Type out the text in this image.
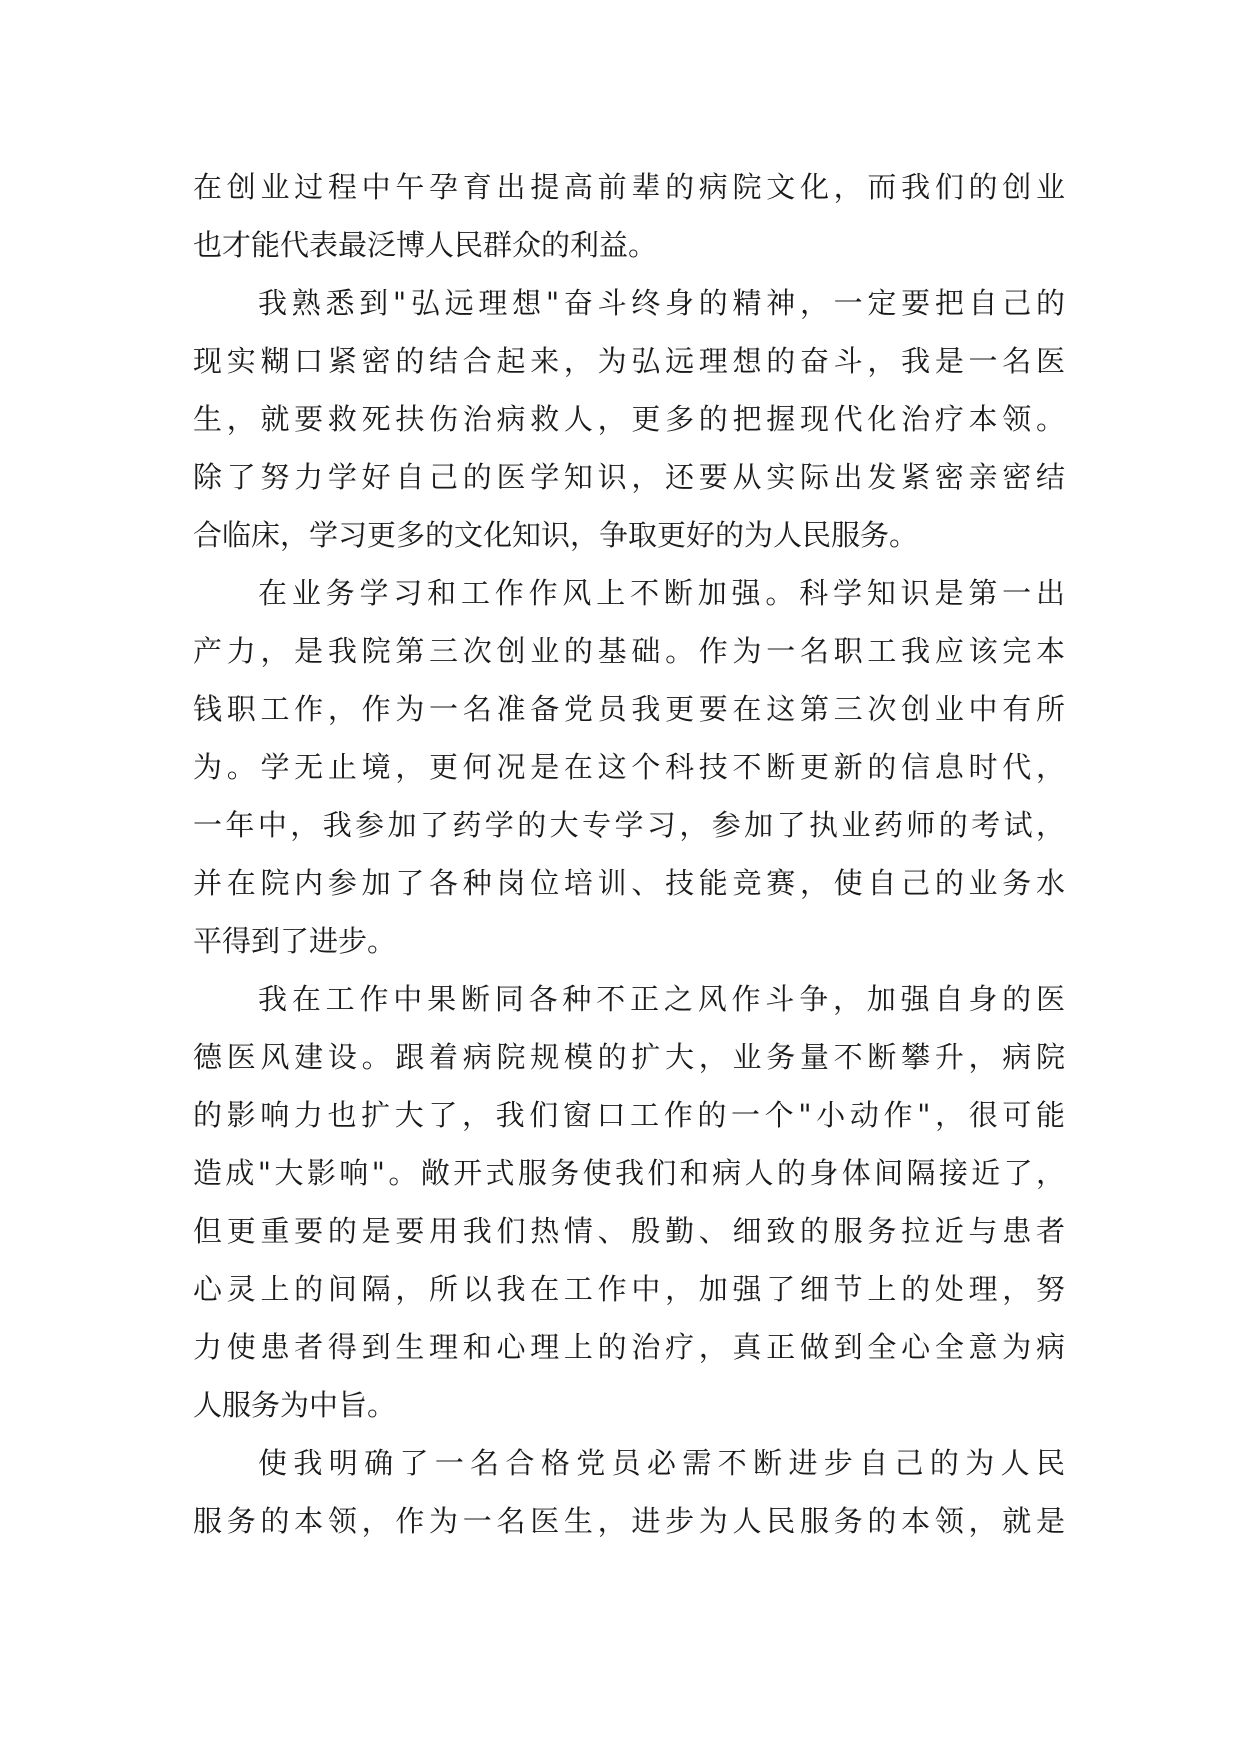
在创业过程中午孕育出提高前辈的病院文化，而我们的创业
也才能代表最泛博人民群众的利益。
我熟悉到"弘远理想"奋斗终身的精神，一定要把自己的
现实糊口紧密的结合起来，为弘远理想的奋斗，我是一名医
生，就要救死扶伤治病救人，更多的把握现代化治疗本领。
除了努力学好自己的医学知识，还要从实际出发紧密亲密结
合临床，学习更多的文化知识，争取更好的为人民服务。
在业务学习和工作作风上不断加强。科学知识是第一出
产力，是我院第三次创业的基础。作为一名职工我应该完本
钱职工作，作为一名准备党员我更要在这第三次创业中有所
为。学无止境，更何况是在这个科技不断更新的信息时代，
一年中，我参加了药学的大专学习，参加了执业药师的考试，
并在院内参加了各种岗位培训、技能竞赛，使自己的业务水
平得到了进步。
我在工作中果断同各种不正之风作斗争，加强自身的医
德医风建设。跟着病院规模的扩大，业务量不断攀升，病院
的影响力也扩大了，我们窗口工作的一个"小动作"，很可能
造成"大影响"。敞开式服务使我们和病人的身体间隔接近了，
但更重要的是要用我们热情、殷勤、细致的服务拉近与患者
心灵上的间隔，所以我在工作中，加强了细节上的处理，努
力使患者得到生理和心理上的治疗，真正做到全心全意为病
人服务为中旨。
使我明确了一名合格党员必需不断进步自己的为人民
服务的本领，作为一名医生，进步为人民服务的本领，就是
